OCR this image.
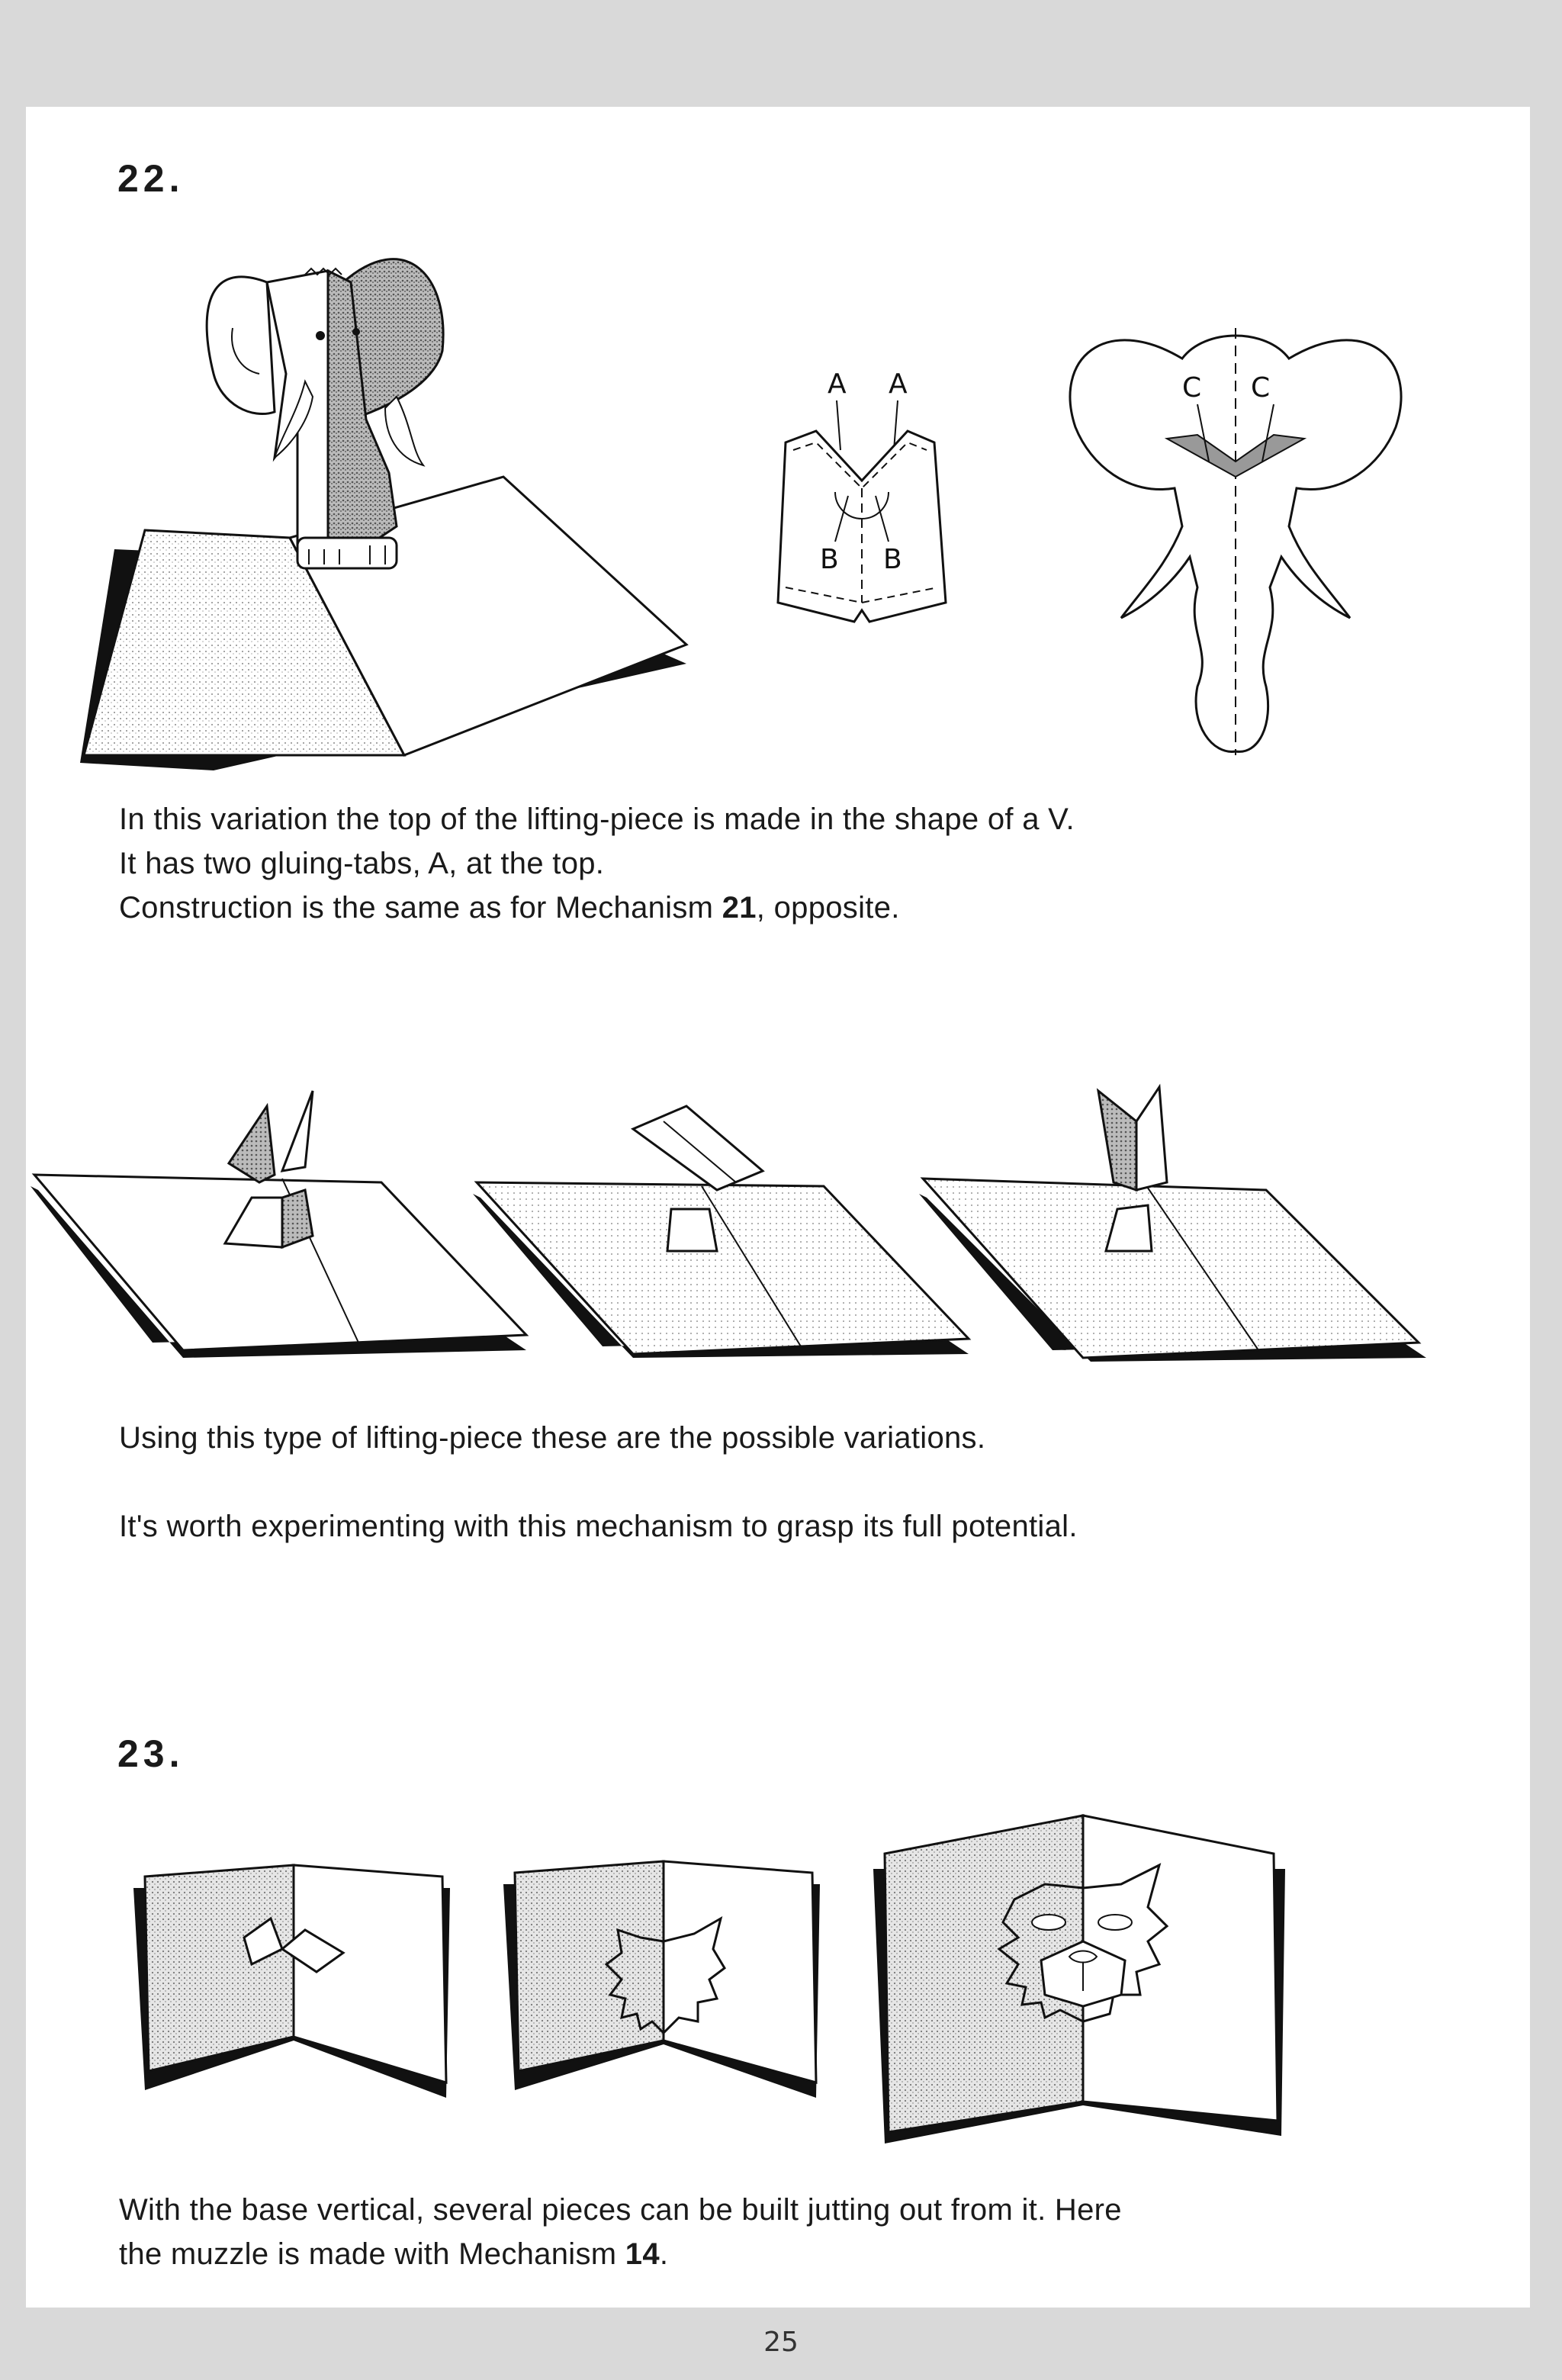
22.
A A
B B
C C

In this variation the top of the lifting-piece is made in the shape of a V.
It has two gluing-tabs, A, at the top.
Construction is the same as for Mechanism 21, opposite.

Using this type of lifting-piece these are the possible variations.

It's worth experimenting with this mechanism to grasp its full potential.

23.

With the base vertical, several pieces can be built jutting out from it. Here
the muzzle is made with Mechanism 14.

25
